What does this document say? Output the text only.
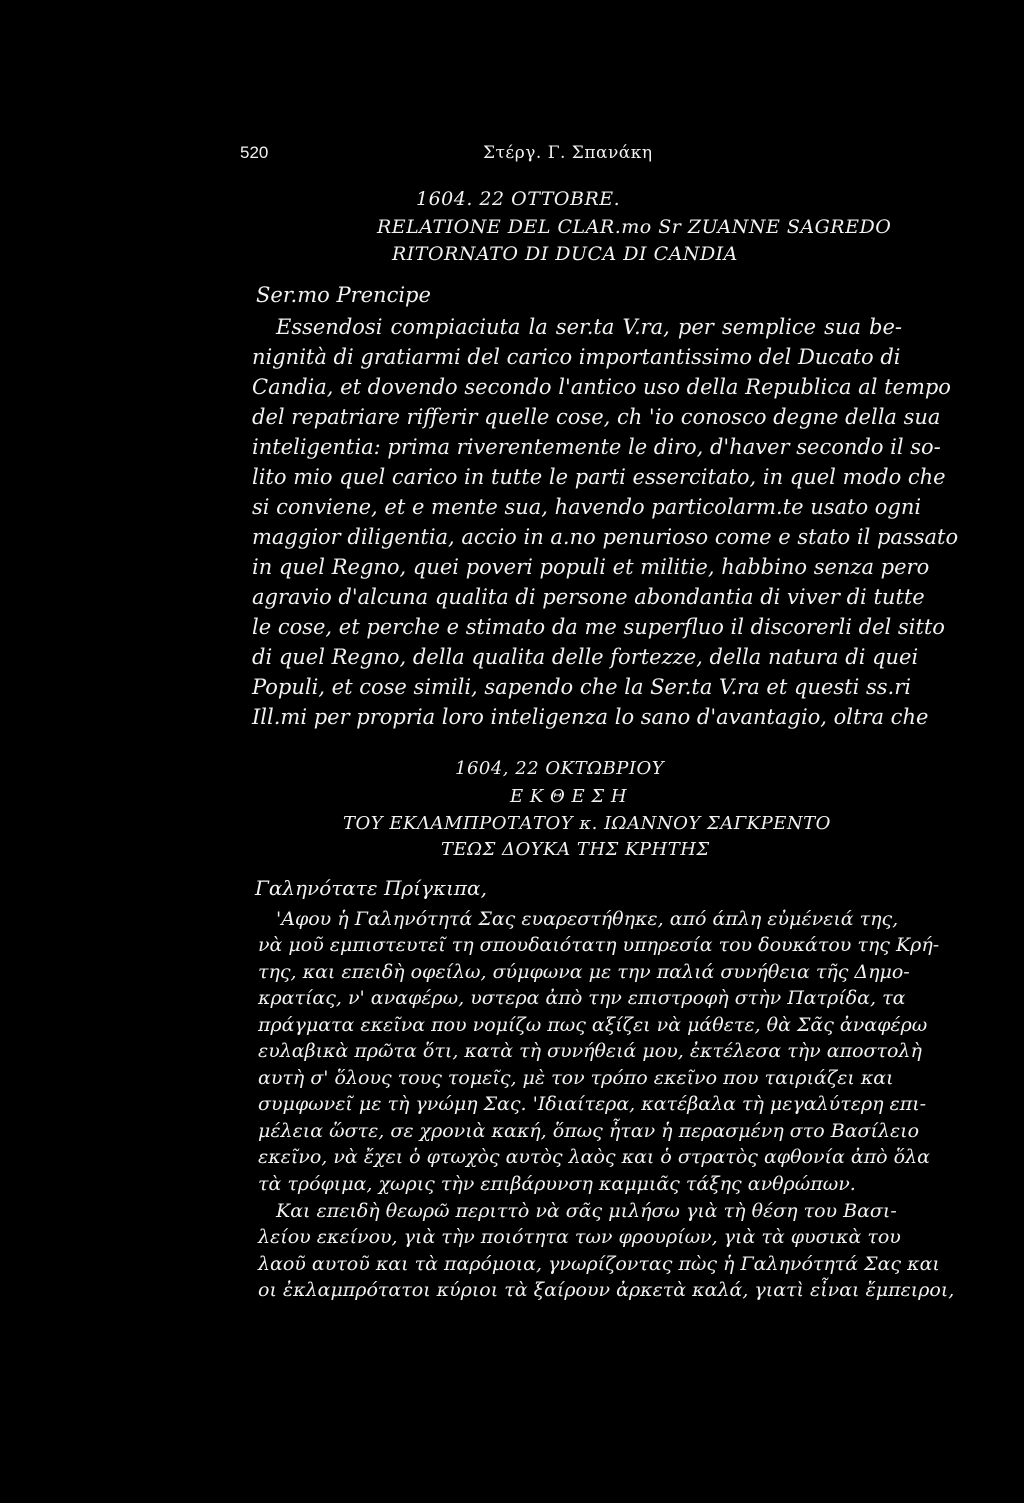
520	Στέργ. Γ. Σπανάκη
1604. 22 OTTOBRE.
RELATIONE DEL CLAR.mo Sr ZUANNE SAGREDO
RITORNATO DI DUCA DI CANDIA
Ser.mo Prencipe
Essendosi compiaciuta la ser.ta V.ra, per semplice sua be-
nignità di gratiarmi del carico importantissimo del Ducato di
Candia, et dovendo secondo l'antico uso della Republica al tempo
del repatriare rifferir quelle cose, ch 'io conosco degne della sua
inteligentia: prima riverentemente le diro, d'haver secondo il so-
lito mio quel carico in tutte le parti essercitato, in quel modo che
si conviene, et e mente sua, havendo particolarm.te usato ogni
maggior diligentia, accio in a.no penurioso come e stato il passato
in quel Regno, quei poveri populi et militie, habbino senza pero
agravio d'alcuna qualita di persone abondantia di viver di tutte
le cose, et perche e stimato da me superfluo il discorerli del sitto
di quel Regno, della qualita delle fortezze, della natura di quei
Populi, et cose simili, sapendo che la Ser.ta V.ra et questi ss.ri
Ill.mi per propria loro inteligenza lo sano d'avantagio, oltra che
1604, 22 ΟΚΤΩΒΡΙΟΥ
Ε Κ Θ Ε Σ Η
ΤΟΥ ΕΚΛΑΜΠΡΟΤΑΤΟΥ κ. ΙΩΑΝΝΟΥ ΣΑΓΚΡΕΝΤΟ
ΤΕΩΣ ΔΟΥΚΑ ΤΗΣ ΚΡΗΤΗΣ
Γαληνότατε Πρίγκιπα,
'Αφου ἡ Γαληνότητά Σας ευαρεστήθηκε, από άπλη εὐμένειά της,
νὰ μοῦ εμπιστευτεῖ τη σπουδαιότατη υπηρεσία του δουκάτου της Κρή-
της, και επειδὴ οφείλω, σύμφωνα με την παλιά συνήθεια τῆς Δημο-
κρατίας, ν' αναφέρω, υστερα ἀπὸ την επιστροφὴ στὴν Πατρίδα, τα
πράγματα εκεῖνα που νομίζω πως αξίζει νὰ μάθετε, θὰ Σᾶς ἀναφέρω
ευλαβικὰ πρῶτα ὅτι, κατὰ τὴ συνήθειά μου, ἐκτέλεσα τὴν αποστολὴ
αυτὴ σ' ὅλους τους τομεῖς, μὲ τον τρόπο εκεῖνο που ταιριάζει και
συμφωνεῖ με τὴ γνώμη Σας. 'Ιδιαίτερα, κατέβαλα τὴ μεγαλύτερη επι-
μέλεια ὥστε, σε χρονιὰ κακή, ὅπως ἦταν ἡ περασμένη στο Βασίλειο
εκεῖνο, νὰ ἔχει ὁ φτωχὸς αυτὸς λαὸς και ὁ στρατὸς αφθονία ἀπὸ ὅλα
τὰ τρόφιμα, χωρις τὴν επιβάρυνση καμμιᾶς τάξης ανθρώπων.
Και επειδὴ θεωρῶ περιττὸ νὰ σᾶς μιλήσω γιὰ τὴ θέση του Βασι-
λείου εκείνου, γιὰ τὴν ποιότητα των φρουρίων, γιὰ τὰ φυσικὰ του
λαοῦ αυτοῦ και τὰ παρόμοια, γνωρίζοντας πὼς ἡ Γαληνότητά Σας και
οι ἐκλαμπρότατοι κύριοι τὰ ξαίρουν ἀρκετὰ καλά, γιατὶ εἶναι ἔμπειροι,
